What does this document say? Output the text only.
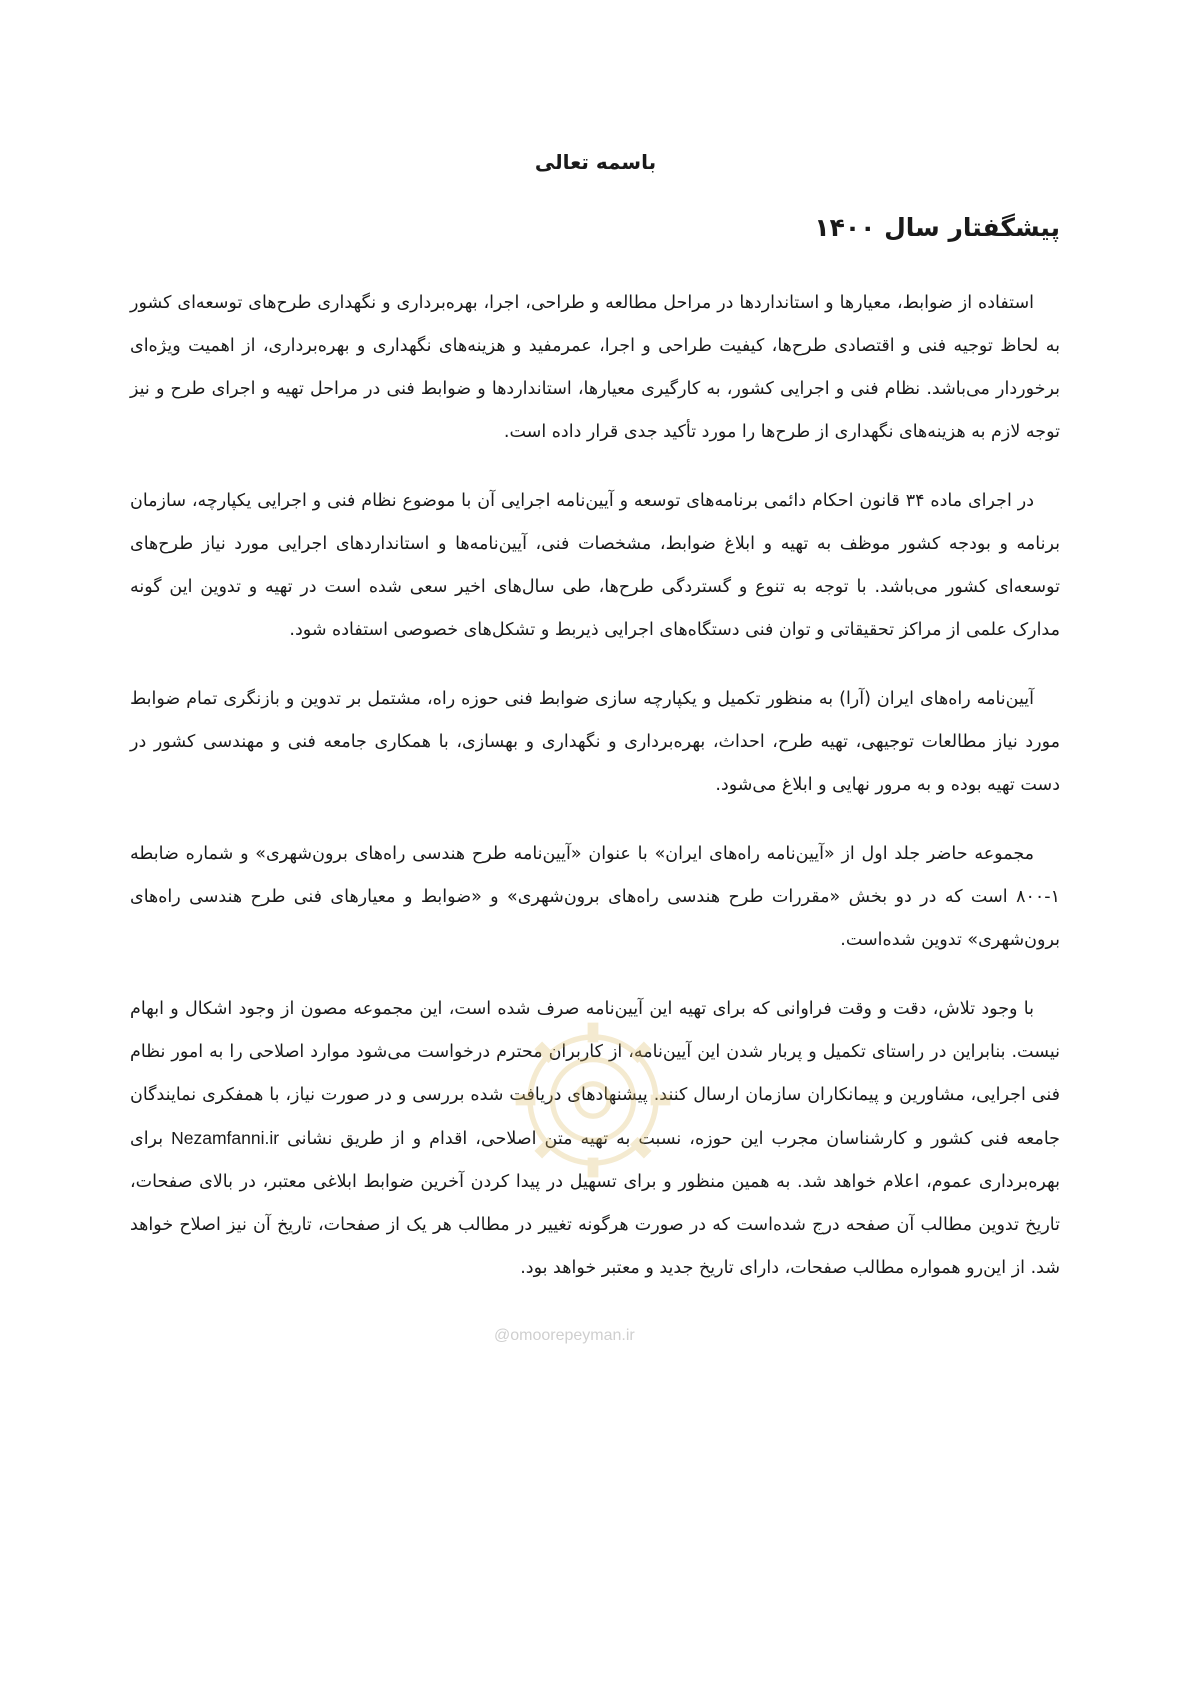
باسمه تعالی
پیشگفتار سال ۱۴۰۰

استفاده از ضوابط، معیارها و استانداردها در مراحل مطالعه و طراحی، اجرا، بهره‌برداری و نگهداری طرح‌های توسعه‌ای کشور به لحاظ توجیه فنی و اقتصادی طرح‌ها، کیفیت طراحی و اجرا، عمرمفید و هزینه‌های نگهداری و بهره‌برداری، از اهمیت ویژه‌ای برخوردار می‌باشد. نظام فنی و اجرایی کشور، به کارگیری معیارها، استانداردها و ضوابط فنی در مراحل تهیه و اجرای طرح و نیز توجه لازم به هزینه‌های نگهداری از طرح‌ها را مورد تأکید جدی قرار داده است.

در اجرای ماده ۳۴ قانون احکام دائمی برنامه‌های توسعه و آیین‌نامه اجرایی آن با موضوع نظام فنی و اجرایی یکپارچه، سازمان برنامه و بودجه کشور موظف به تهیه و ابلاغ ضوابط، مشخصات فنی، آیین‌نامه‌ها و استانداردهای اجرایی مورد نیاز طرح‌های توسعه‌ای کشور می‌باشد. با توجه به تنوع و گستردگی طرح‌ها، طی سال‌های اخیر سعی شده است در تهیه و تدوین این گونه مدارک علمی از مراکز تحقیقاتی و توان فنی دستگاه‌های اجرایی ذیربط و تشکل‌های خصوصی استفاده شود.

آیین‌نامه راه‌های ایران (آرا) به منظور تکمیل و یکپارچه سازی ضوابط فنی حوزه راه، مشتمل بر تدوین و بازنگری تمام ضوابط مورد نیاز مطالعات توجیهی، تهیه طرح، احداث، بهره‌برداری و نگهداری و بهسازی، با همکاری جامعه فنی و مهندسی کشور در دست تهیه بوده و به مرور نهایی و ابلاغ می‌شود.

مجموعه حاضر جلد اول از «آیین‌نامه راه‌های ایران» با عنوان «آیین‌نامه طرح هندسی راه‌های برون‌شهری» و شماره ضابطه ۱-۸۰۰ است که در دو بخش «مقررات طرح هندسی راه‌های برون‌شهری» و «ضوابط و معیارهای فنی طرح هندسی راه‌های برون‌شهری» تدوین شده‌است.

با وجود تلاش، دقت و وقت فراوانی که برای تهیه این آیین‌نامه صرف شده است، این مجموعه مصون از وجود اشکال و ابهام نیست. بنابراین در راستای تکمیل و پربار شدن این آیین‌نامه، از کاربران محترم درخواست می‌شود موارد اصلاحی را به امور نظام فنی اجرایی، مشاورین و پیمانکاران سازمان ارسال کنند. پیشنهادهای دریافت شده بررسی و در صورت نیاز، با همفکری نمایندگان جامعه فنی کشور و کارشناسان مجرب این حوزه، نسبت به تهیه متن اصلاحی، اقدام و از طریق نشانی Nezamfanni.ir برای بهره‌برداری عموم، اعلام خواهد شد. به همین منظور و برای تسهیل در پیدا کردن آخرین ضوابط ابلاغی معتبر، در بالای صفحات، تاریخ تدوین مطالب آن صفحه درج شده‌است که در صورت هرگونه تغییر در مطالب هر یک از صفحات، تاریخ آن نیز اصلاح خواهد شد. از این‌رو همواره مطالب صفحات، دارای تاریخ جدید و معتبر خواهد بود.

@omoorepeyman.ir
